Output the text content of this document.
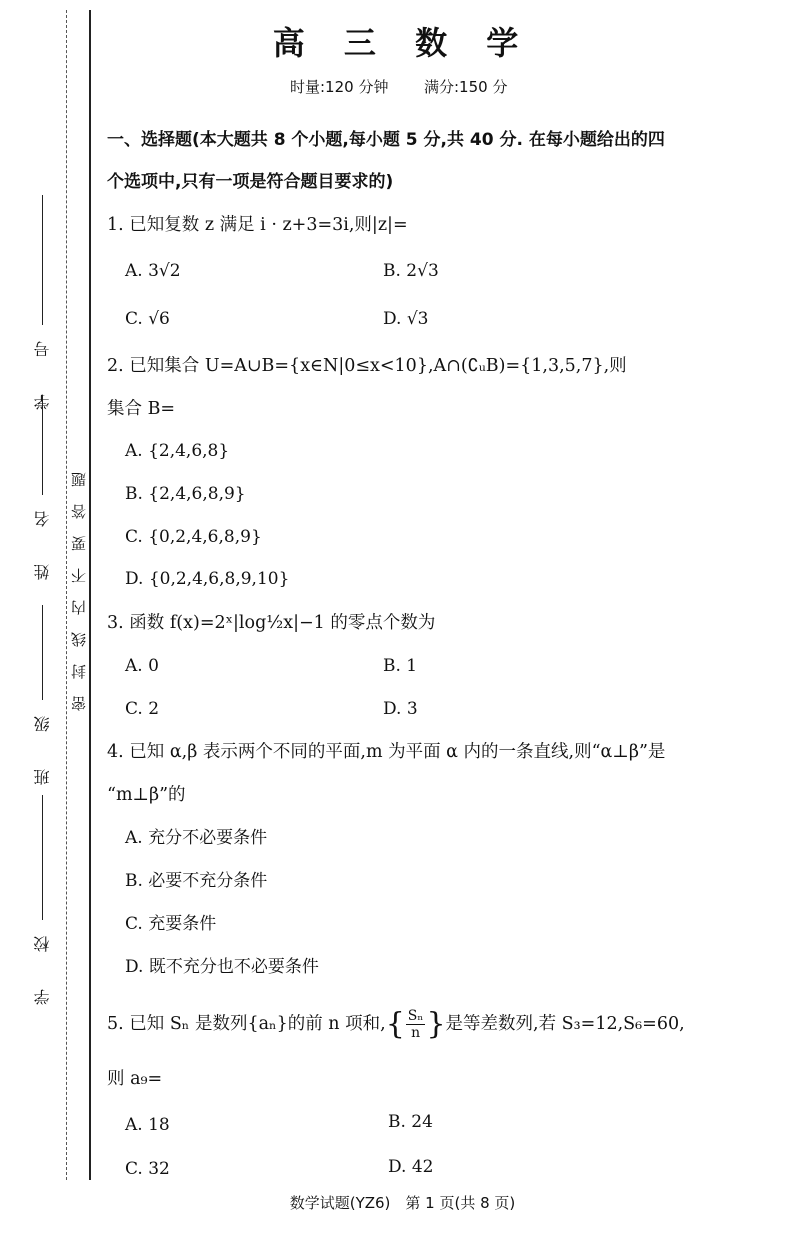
学 号
姓 名
班 级
学 校
密封线内不要答题
高 三 数 学
时量:120 分钟 满分:150 分
一、选择题(本大题共 8 个小题,每小题 5 分,共 40 分. 在每小题给出的四
个选项中,只有一项是符合题目要求的)
1. 已知复数 z 满足 i · z+3=3i,则|z|=
A. 3√2	B. 2√3
C. √6	D. √3
2. 已知集合 U=A∪B={x∈N|0≤x<10},A∩(∁ᵤB)={1,3,5,7},则
集合 B=
A. {2,4,6,8}
B. {2,4,6,8,9}
C. {0,2,4,6,8,9}
D. {0,2,4,6,8,9,10}
3. 函数 f(x)=2ˣ|log½x|−1 的零点个数为
A. 0	B. 1
C. 2	D. 3
4. 已知 α,β 表示两个不同的平面,m 为平面 α 内的一条直线,则“α⊥β”是
“m⊥β”的
A. 充分不必要条件
B. 必要不充分条件
C. 充要条件
D. 既不充分也不必要条件
5. 已知 Sₙ 是数列{aₙ}的前 n 项和,{ $\frac{\text{Sₙ}}{n}$ }是等差数列,若 S₃=12,S₆=60,
则 a₉=
A. 18	B. 24
C. 32	D. 42
数学试题(YZ6)　第 1 页(共 8 页)
